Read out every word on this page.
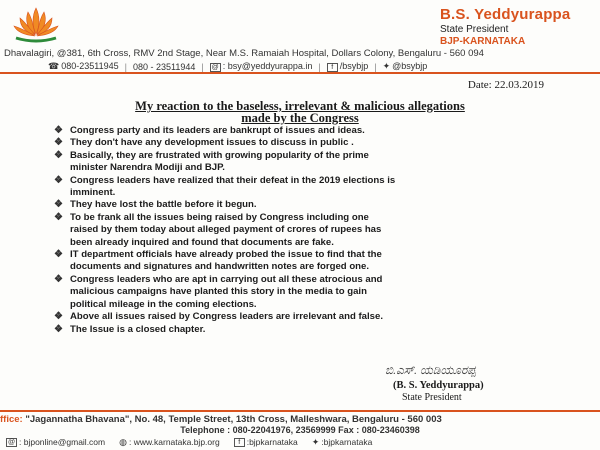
B.S. Yeddyurappa
State President
BJP-KARNATAKA
Dhavalagiri, @381, 6th Cross, RMV 2nd Stage, Near M.S. Ramaiah Hospital, Dollars Colony, Bengaluru - 560 094
☎ 080-23511945 | 080 - 23511944 | @ : bsy@yeddyurappa.in |	f /bsybjp | ✦ @bsybjp
Date: 22.03.2019
My reaction to the baseless, irrelevant & malicious allegations
made by the Congress
❖ Congress party and its leaders are bankrupt of issues and ideas.
❖ They don't have any development issues to discuss in public .
❖ Basically, they are frustrated with growing popularity of the prime
minister Narendra Modiji and BJP.
❖ Congress leaders have realized that their defeat in the 2019 elections is
imminent.
❖ They have lost the battle before it begun.
❖ To be frank all the issues being raised by Congress including one
raised by them today about alleged payment of crores of rupees has
been already inquired and found that documents are fake.
❖ IT department officials have already probed the issue to find that the
documents and signatures and handwritten notes are forged one.
❖ Congress leaders who are apt in carrying out all these atrocious and
malicious campaigns have planted this story in the media to gain
political mileage in the coming elections.
❖ Above all issues raised by Congress leaders are irrelevant and false.
❖ The Issue is a closed chapter.
ಬಿ.ಎಸ್. ಯಡಿಯೂರಪ್ಪ
(B. S. Yeddyurappa)
State President
ffice: "Jagannatha Bhavana", No. 48, Temple Street, 13th Cross, Malleshwara, Bengaluru - 560 003
Telephone : 080-22041976, 23569999 Fax : 080-23460398
@ : bjponline@gmail.com ◍ : www.karnataka.bjp.org	f :bjpkarnataka ✦ :bjpkarnataka
